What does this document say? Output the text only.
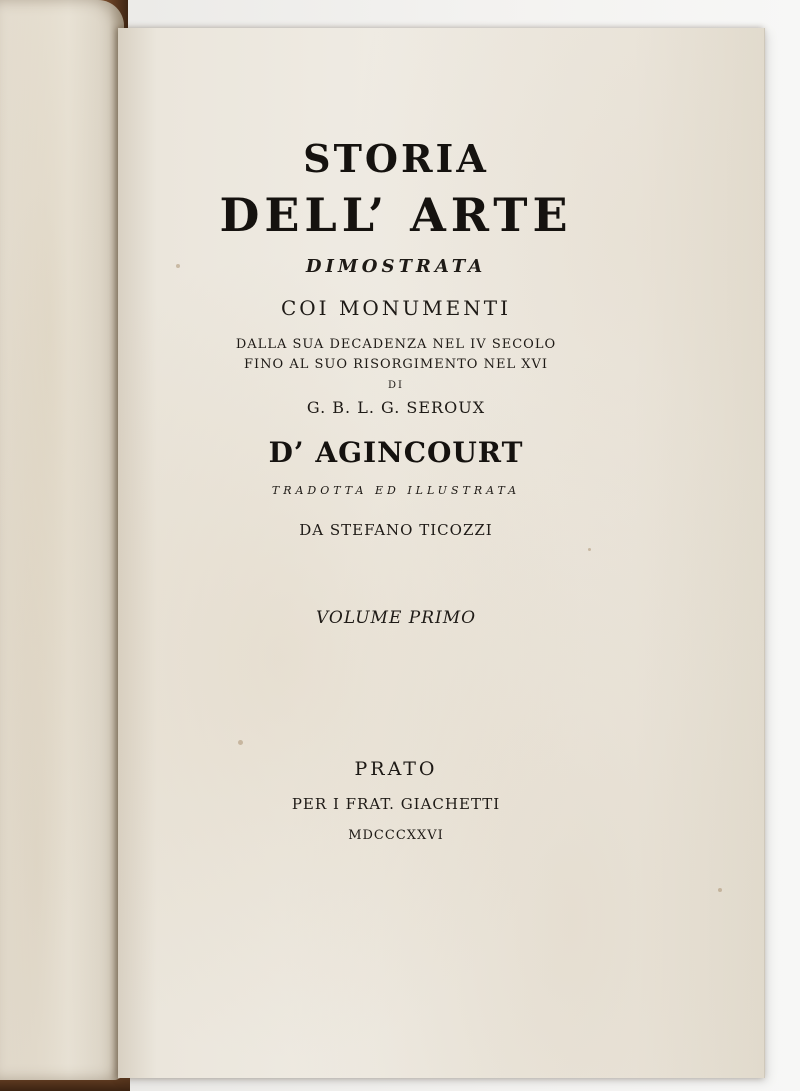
STORIA
DELL’ ARTE
DIMOSTRATA
COI MONUMENTI
DALLA SUA DECADENZA NEL IV SECOLO
FINO AL SUO RISORGIMENTO NEL XVI
DI
G. B. L. G. SEROUX
D’ AGINCOURT
TRADOTTA ED ILLUSTRATA
DA STEFANO TICOZZI
VOLUME PRIMO
PRATO
PER I FRAT. GIACHETTI
MDCCCXXVI
